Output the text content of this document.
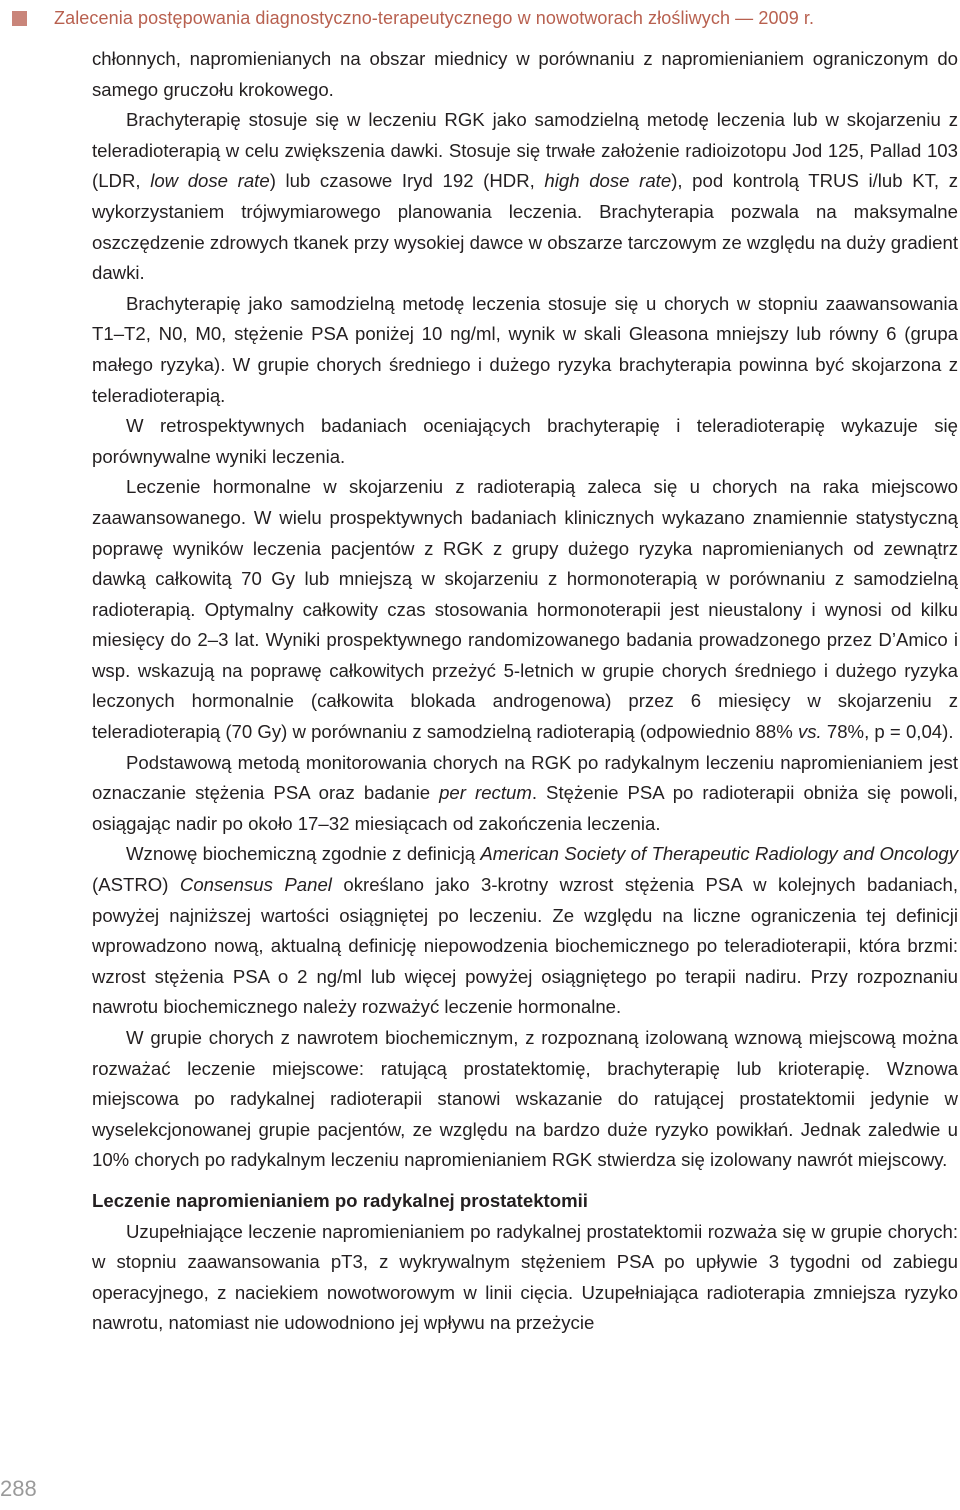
Zalecenia postępowania diagnostyczno-terapeutycznego w nowotworach złośliwych — 2009 r.

chłonnych, napromienianych na obszar miednicy w porównaniu z napromienianiem ograniczonym do samego gruczołu krokowego.

Brachyterapię stosuje się w leczeniu RGK jako samodzielną metodę leczenia lub w skojarzeniu z teleradioterapią w celu zwiększenia dawki. Stosuje się trwałe założenie radioizotopu Jod 125, Pallad 103 (LDR, low dose rate) lub czasowe Iryd 192 (HDR, high dose rate), pod kontrolą TRUS i/lub KT, z wykorzystaniem trójwymiarowego planowania leczenia. Brachyterapia pozwala na maksymalne oszczędzenie zdrowych tkanek przy wysokiej dawce w obszarze tarczowym ze względu na duży gradient dawki.

Brachyterapię jako samodzielną metodę leczenia stosuje się u chorych w stopniu zaawansowania T1–T2, N0, M0, stężenie PSA poniżej 10 ng/ml, wynik w skali Gleasona mniejszy lub równy 6 (grupa małego ryzyka). W grupie chorych średniego i dużego ryzyka brachyterapia powinna być skojarzona z teleradioterapią.

W retrospektywnych badaniach oceniających brachyterapię i teleradioterapię wykazuje się porównywalne wyniki leczenia.

Leczenie hormonalne w skojarzeniu z radioterapią zaleca się u chorych na raka miejscowo zaawansowanego. W wielu prospektywnych badaniach klinicznych wykazano znamiennie statystyczną poprawę wyników leczenia pacjentów z RGK z grupy dużego ryzyka napromienianych od zewnątrz dawką całkowitą 70 Gy lub mniejszą w skojarzeniu z hormonoterapią w porównaniu z samodzielną radioterapią. Optymalny całkowity czas stosowania hormonoterapii jest nieustalony i wynosi od kilku miesięcy do 2–3 lat. Wyniki prospektywnego randomizowanego badania prowadzonego przez D’Amico i wsp. wskazują na poprawę całkowitych przeżyć 5-letnich w grupie chorych średniego i dużego ryzyka leczonych hormonalnie (całkowita blokada androgenowa) przez 6 miesięcy w skojarzeniu z teleradioterapią (70 Gy) w porównaniu z samodzielną radioterapią (odpowiednio 88% vs. 78%, p = 0,04).

Podstawową metodą monitorowania chorych na RGK po radykalnym leczeniu napromienianiem jest oznaczanie stężenia PSA oraz badanie per rectum. Stężenie PSA po radioterapii obniża się powoli, osiągając nadir po około 17–32 miesiącach od zakończenia leczenia.

Wznowę biochemiczną zgodnie z definicją American Society of Therapeutic Radiology and Oncology (ASTRO) Consensus Panel określano jako 3-krotny wzrost stężenia PSA w kolejnych badaniach, powyżej najniższej wartości osiągniętej po leczeniu. Ze względu na liczne ograniczenia tej definicji wprowadzono nową, aktualną definicję niepowodzenia biochemicznego po teleradioterapii, która brzmi: wzrost stężenia PSA o 2 ng/ml lub więcej powyżej osiągniętego po terapii nadiru. Przy rozpoznaniu nawrotu biochemicznego należy rozważyć leczenie hormonalne.

W grupie chorych z nawrotem biochemicznym, z rozpoznaną izolowaną wznową miejscową można rozważać leczenie miejscowe: ratującą prostatektomię, brachyterapię lub krioterapię. Wznowa miejscowa po radykalnej radioterapii stanowi wskazanie do ratującej prostatektomii jedynie w wyselekcjonowanej grupie pacjentów, ze względu na bardzo duże ryzyko powikłań. Jednak zaledwie u 10% chorych po radykalnym leczeniu napromienianiem RGK stwierdza się izolowany nawrót miejscowy.

Leczenie napromienianiem po radykalnej prostatektomii

Uzupełniające leczenie napromienianiem po radykalnej prostatektomii rozważa się w grupie chorych: w stopniu zaawansowania pT3, z wykrywalnym stężeniem PSA po upływie 3 tygodni od zabiegu operacyjnego, z naciekiem nowotworowym w linii cięcia. Uzupełniająca radioterapia zmniejsza ryzyko nawrotu, natomiast nie udowodniono jej wpływu na przeżycie

288
